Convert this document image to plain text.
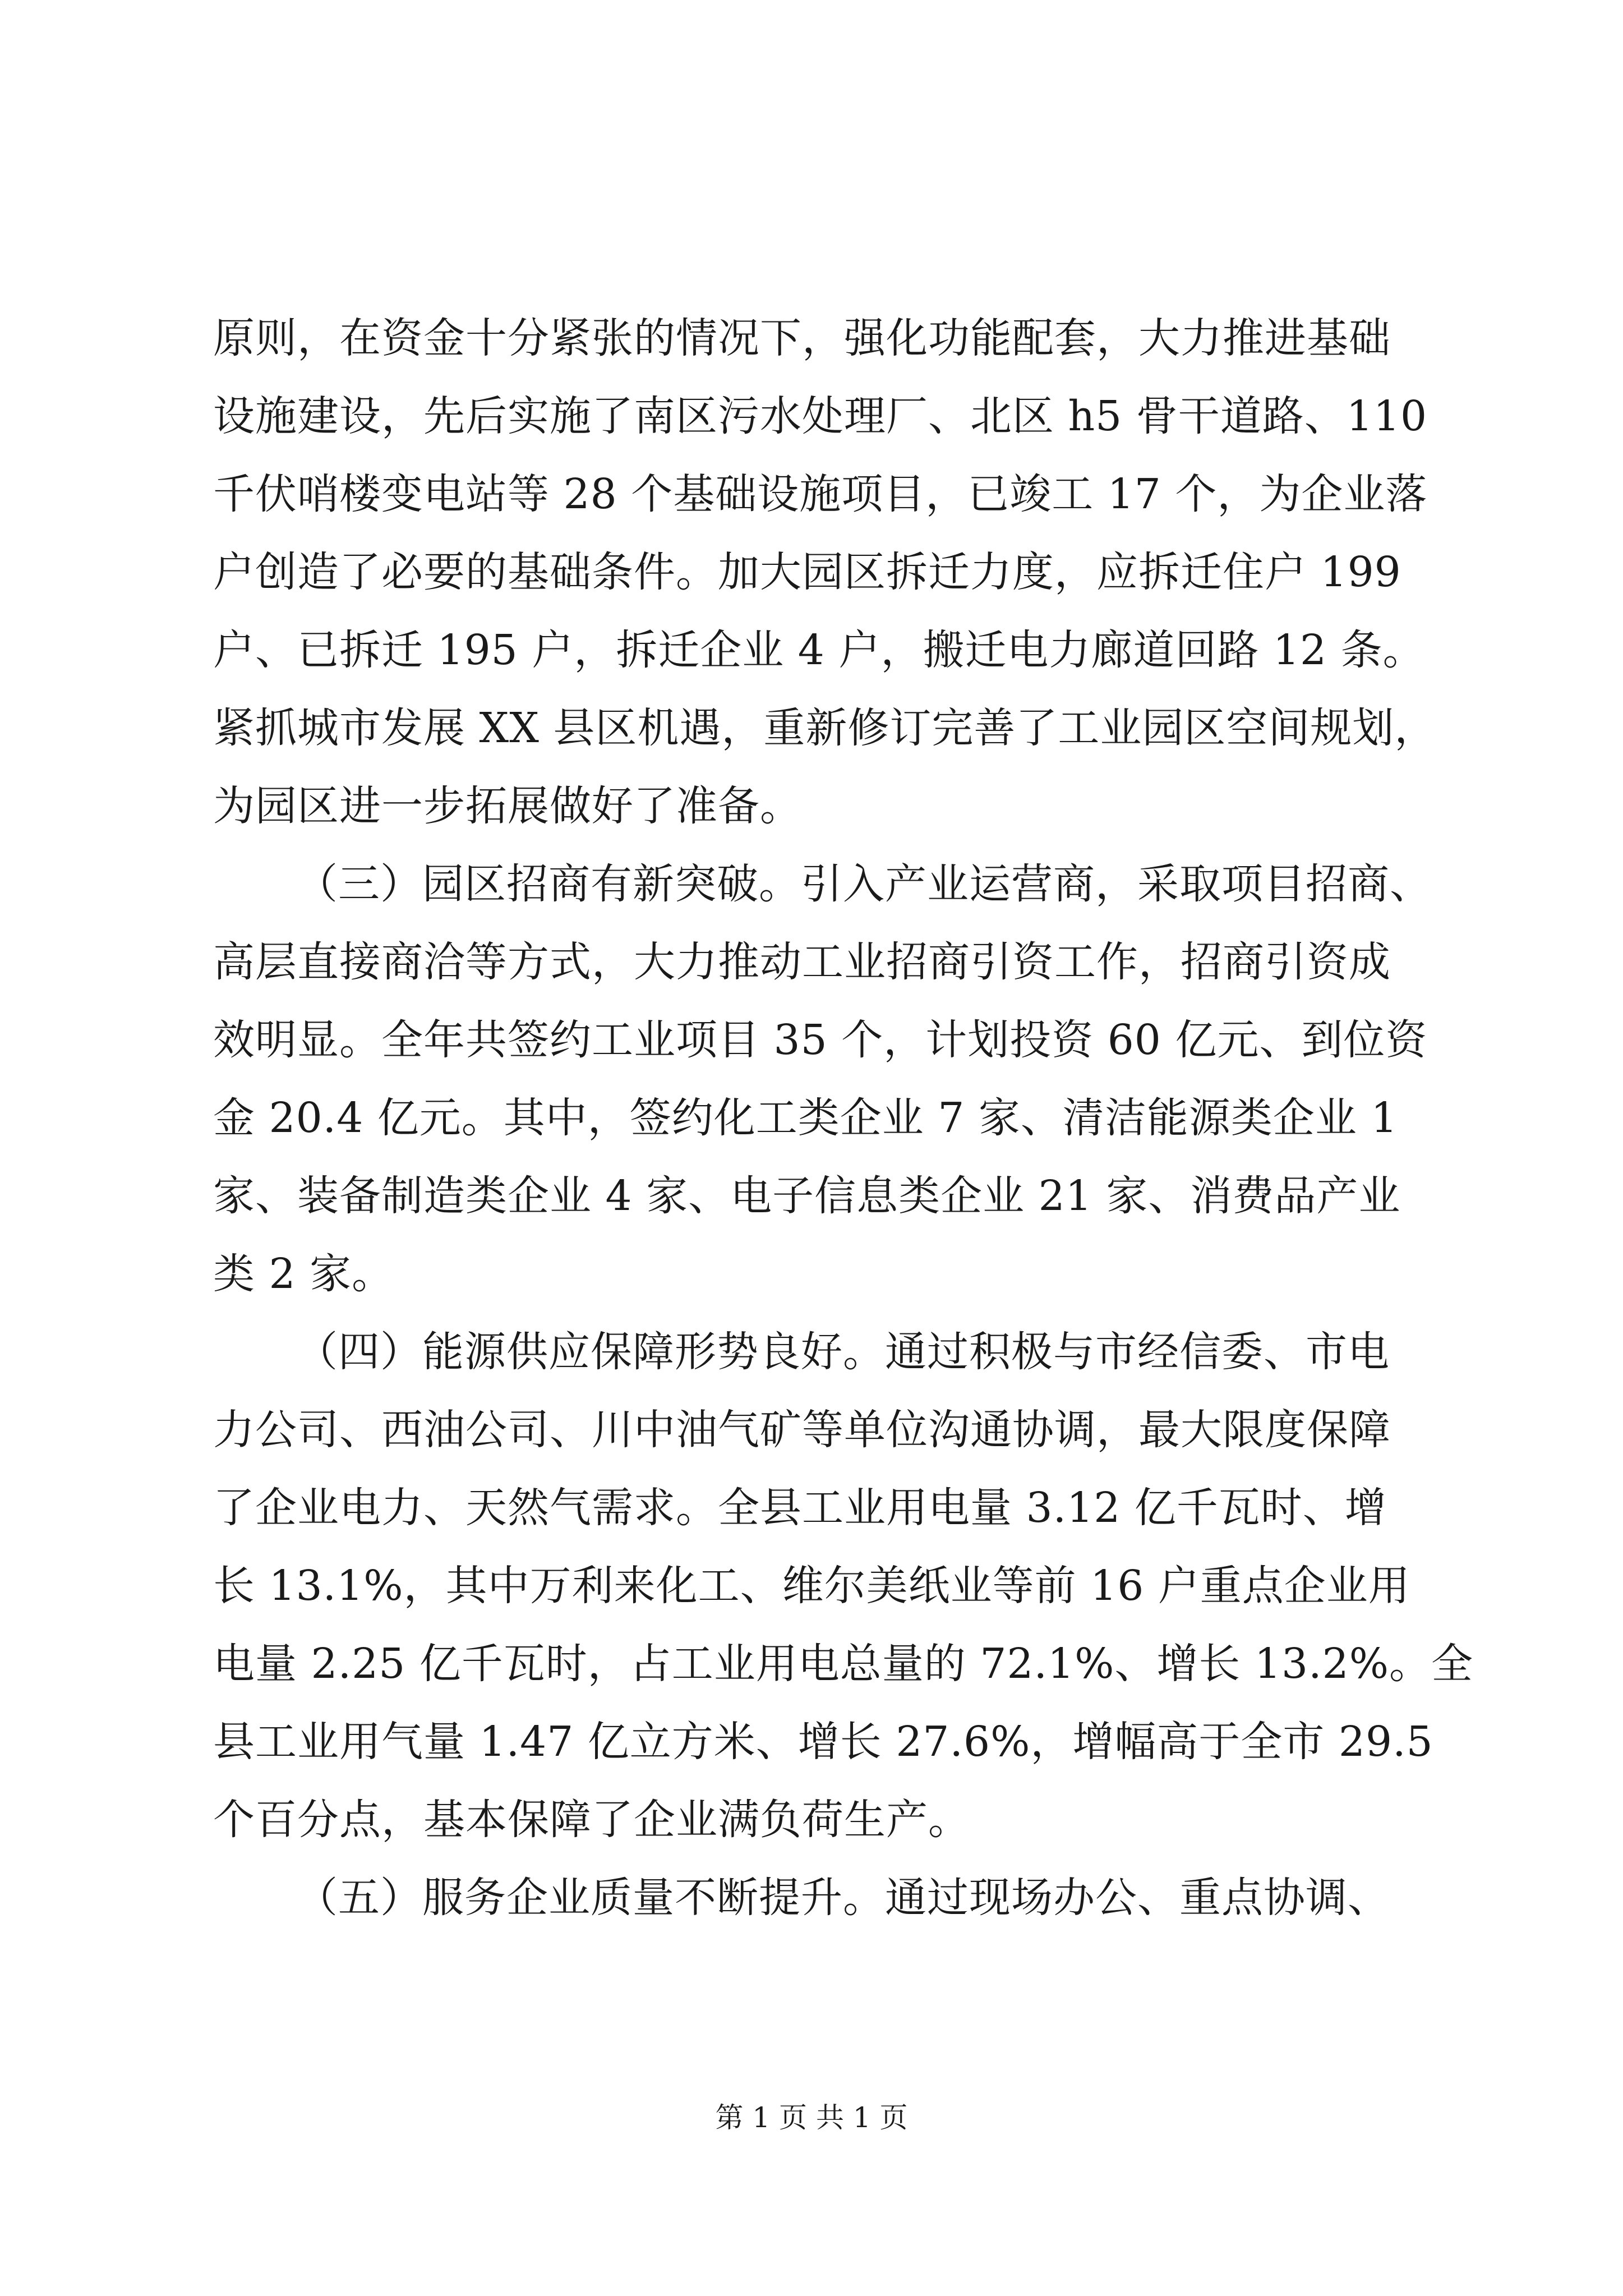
原则，在资金十分紧张的情况下，强化功能配套，大力推进基础
设施建设，先后实施了南区污水处理厂、北区 h5 骨干道路、110
千伏哨楼变电站等 28 个基础设施项目，已竣工 17 个，为企业落
户创造了必要的基础条件。加大园区拆迁力度，应拆迁住户 199
户、已拆迁 195 户，拆迁企业 4 户，搬迁电力廊道回路 12 条。
紧抓城市发展 XX 县区机遇，重新修订完善了工业园区空间规划，
为园区进一步拓展做好了准备。
（三）园区招商有新突破。引入产业运营商，采取项目招商、
高层直接商洽等方式，大力推动工业招商引资工作，招商引资成
效明显。全年共签约工业项目 35 个，计划投资 60 亿元、到位资
金 20.4 亿元。其中，签约化工类企业 7 家、清洁能源类企业 1
家、装备制造类企业 4 家、电子信息类企业 21 家、消费品产业
类 2 家。
（四）能源供应保障形势良好。通过积极与市经信委、市电
力公司、西油公司、川中油气矿等单位沟通协调，最大限度保障
了企业电力、天然气需求。全县工业用电量 3.12 亿千瓦时、增
长 13.1%，其中万利来化工、维尔美纸业等前 16 户重点企业用
电量 2.25 亿千瓦时，占工业用电总量的 72.1%、增长 13.2%。全
县工业用气量 1.47 亿立方米、增长 27.6%，增幅高于全市 29.5
个百分点，基本保障了企业满负荷生产。
（五）服务企业质量不断提升。通过现场办公、重点协调、
第 1 页 共 1 页
